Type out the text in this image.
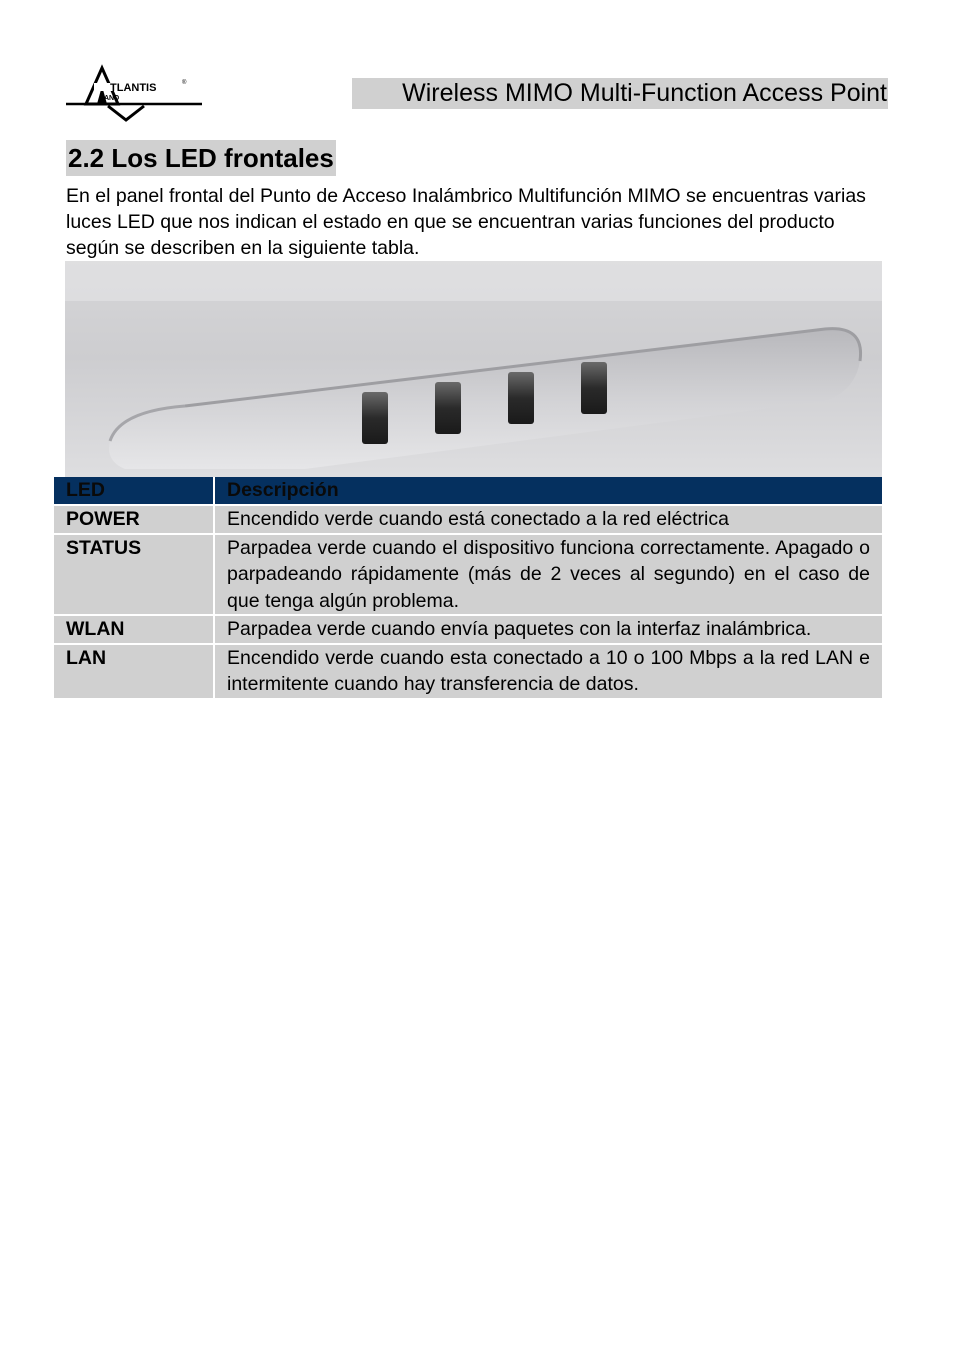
TLANTIS	®
AND	Wireless MIMO Multi-Function Access Point
2.2 Los LED frontales

En el panel frontal del Punto de Acceso Inalámbrico Multifunción MIMO se encuentras varias luces LED que nos indican el estado en que se encuentran varias funciones del producto según se describen en la siguiente tabla.

LED	Descripción
POWER	Encendido verde cuando está conectado a la red eléctrica
STATUS	Parpadea verde cuando el dispositivo funciona correctamente. Apagado o parpadeando rápidamente (más de 2 veces al segundo) en el caso de que tenga algún problema.
WLAN	Parpadea verde cuando envía paquetes con la interfaz inalámbrica.
LAN	Encendido verde cuando esta conectado a 10 o 100 Mbps a la red LAN e intermitente cuando hay transferencia de datos.
